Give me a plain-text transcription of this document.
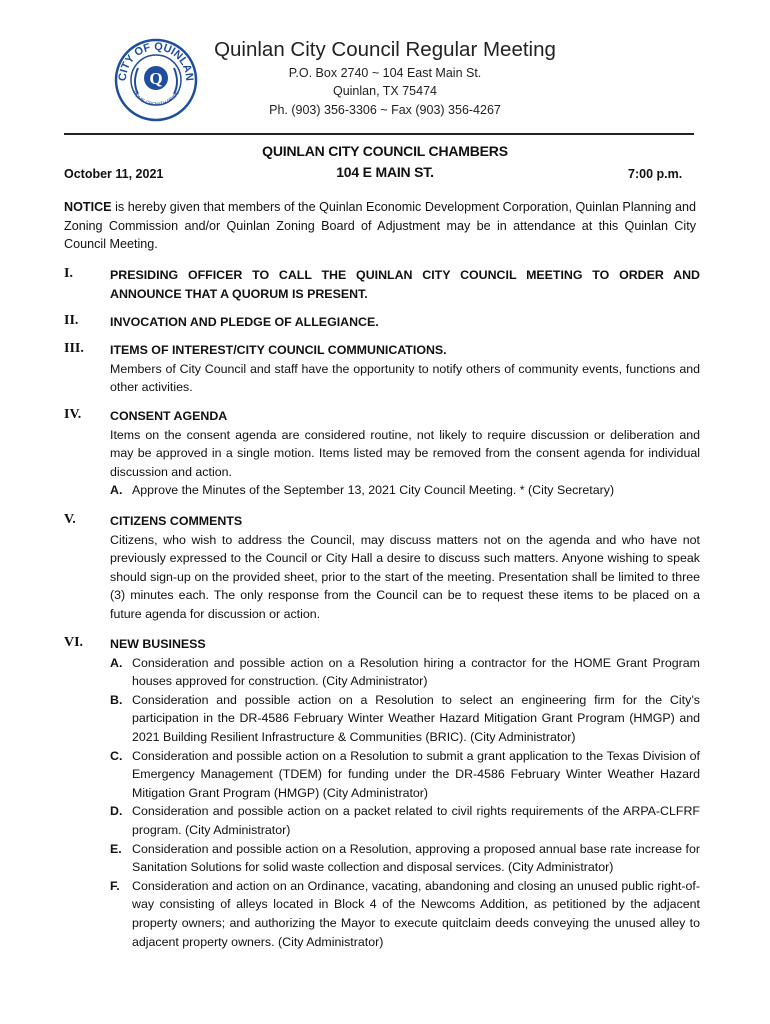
CITY OF QUINLAN
HOME GROWTH PRIDE
Q
Quinlan City Council Regular Meeting
P.O. Box 2740 ~ 104 East Main St.
Quinlan, TX 75474
Ph. (903) 356-3306 ~ Fax (903) 356-4267
QUINLAN CITY COUNCIL CHAMBERS
104 E MAIN ST.
October 11, 2021	7:00 p.m.
NOTICE is hereby given that members of the Quinlan Economic Development Corporation, Quinlan Planning and Zoning Commission and/or Quinlan Zoning Board of Adjustment may be in attendance at this Quinlan City Council Meeting.
I.	PRESIDING OFFICER TO CALL THE QUINLAN CITY COUNCIL MEETING TO ORDER AND ANNOUNCE THAT A QUORUM IS PRESENT.
II.	INVOCATION AND PLEDGE OF ALLEGIANCE.
III. ITEMS OF INTEREST/CITY COUNCIL COMMUNICATIONS.
Members of City Council and staff have the opportunity to notify others of community events, functions and other activities.
IV. CONSENT AGENDA
Items on the consent agenda are considered routine, not likely to require discussion or deliberation and may be approved in a single motion. Items listed may be removed from the consent agenda for individual discussion and action.
A. Approve the Minutes of the September 13, 2021 City Council Meeting. * (City Secretary)
V.	CITIZENS COMMENTS
Citizens, who wish to address the Council, may discuss matters not on the agenda and who have not previously expressed to the Council or City Hall a desire to discuss such matters. Anyone wishing to speak should sign-up on the provided sheet, prior to the start of the meeting. Presentation shall be limited to three (3) minutes each. The only response from the Council can be to request these items to be placed on a future agenda for discussion or action.
VI. NEW BUSINESS
A. Consideration and possible action on a Resolution hiring a contractor for the HOME Grant Program houses approved for construction. (City Administrator)
B. Consideration and possible action on a Resolution to select an engineering firm for the City’s participation in the DR-4586 February Winter Weather Hazard Mitigation Grant Program (HMGP) and 2021 Building Resilient Infrastructure & Communities (BRIC). (City Administrator)
C. Consideration and possible action on a Resolution to submit a grant application to the Texas Division of Emergency Management (TDEM) for funding under the DR-4586 February Winter Weather Hazard Mitigation Grant Program (HMGP) (City Administrator)
D. Consideration and possible action on a packet related to civil rights requirements of the ARPA-CLFRF program. (City Administrator)
E. Consideration and possible action on a Resolution, approving a proposed annual base rate increase for Sanitation Solutions for solid waste collection and disposal services. (City Administrator)
F. Consideration and action on an Ordinance, vacating, abandoning and closing an unused public right-of-way consisting of alleys located in Block 4 of the Newcoms Addition, as petitioned by the adjacent property owners; and authorizing the Mayor to execute quitclaim deeds conveying the unused alley to adjacent property owners. (City Administrator)
